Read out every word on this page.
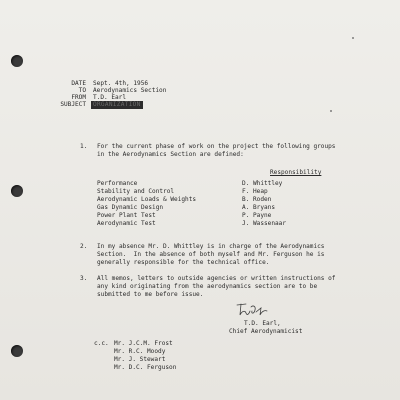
DATE Sept. 4th, 1956
TO Aerodynamics Section
FROM T.D. Earl
SUBJECT	ORGANIZATION
1. For the current phase of work on the project the following groups
in the Aerodynamics Section are defined:
Responsibility
Performance	D. Whittley
Stability and Control	F. Heap
Aerodynamic Loads & Weights	B. Roden
Gas Dynamic Design	A. Bryans
Power Plant Test	P. Payne
Aerodynamic Test	J. Wassenaar
2. In my absence Mr. D. Whittley is in charge of the Aerodynamics
Section.  In the absence of both myself and Mr. Ferguson he is
generally responsible for the technical office.
3. All memos, letters to outside agencies or written instructions of
any kind originating from the aerodynamics section are to be
submitted to me before issue.
T.D. Earl,
Chief Aerodynamicist
c.c. Mr. J.C.M. Frost
Mr. R.C. Moody
Mr. J. Stewart
Mr. D.C. Ferguson
